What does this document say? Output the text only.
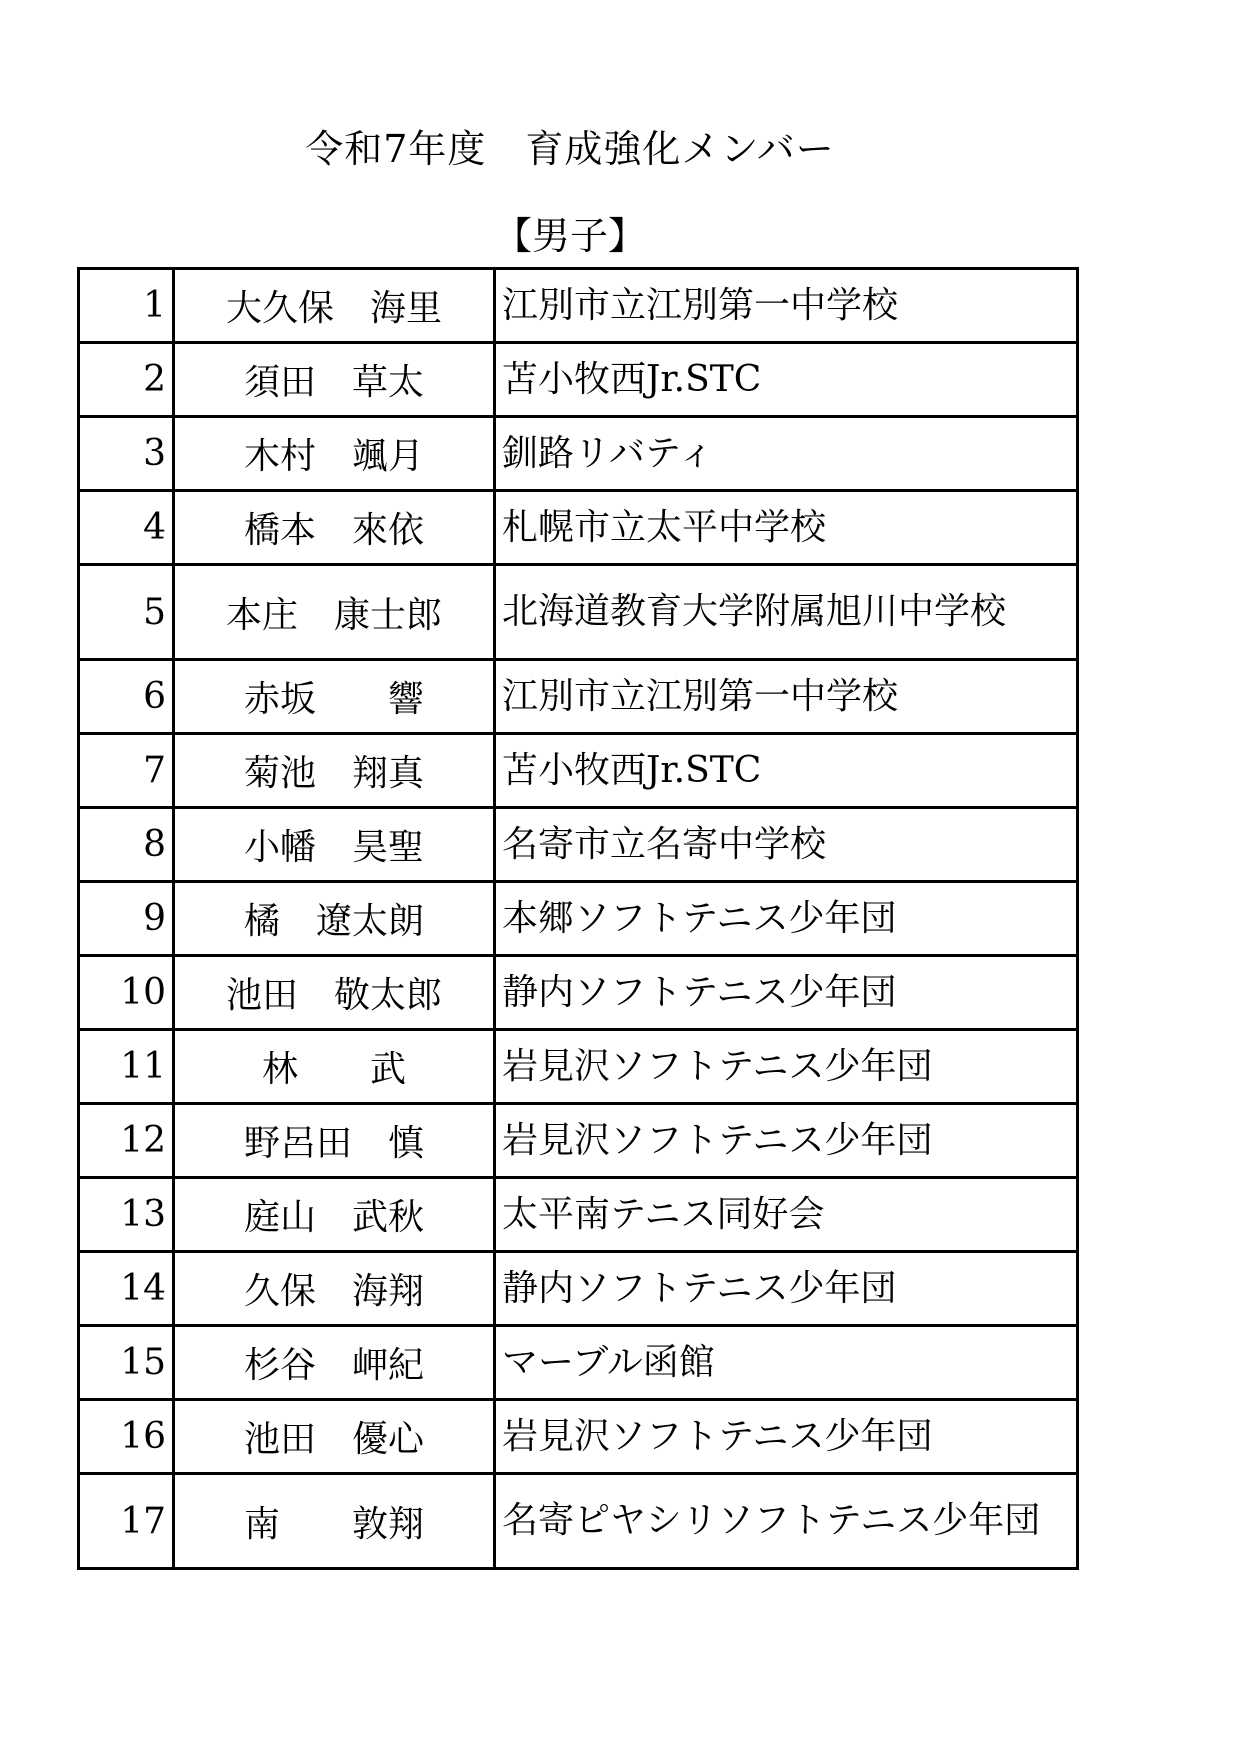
令和7年度　育成強化メンバー
【男子】
1	大久保　海里	江別市立江別第一中学校
2	須田　草太	苫小牧西Jr.STC
3	木村　颯月	釧路リバティ
4	橋本　來依	札幌市立太平中学校
5	本庄　康士郎	北海道教育大学附属旭川中学校
6	赤坂　　響	江別市立江別第一中学校
7	菊池　翔真	苫小牧西Jr.STC
8	小幡　昊聖	名寄市立名寄中学校
9	橘　遼太朗	本郷ソフトテニス少年団
10	池田　敬太郎	静内ソフトテニス少年団
11	林　　武	岩見沢ソフトテニス少年団
12	野呂田　慎	岩見沢ソフトテニス少年団
13	庭山　武秋	太平南テニス同好会
14	久保　海翔	静内ソフトテニス少年団
15	杉谷　岬紀	マーブル函館
16	池田　優心	岩見沢ソフトテニス少年団
17	南　　敦翔	名寄ピヤシリソフトテニス少年団
